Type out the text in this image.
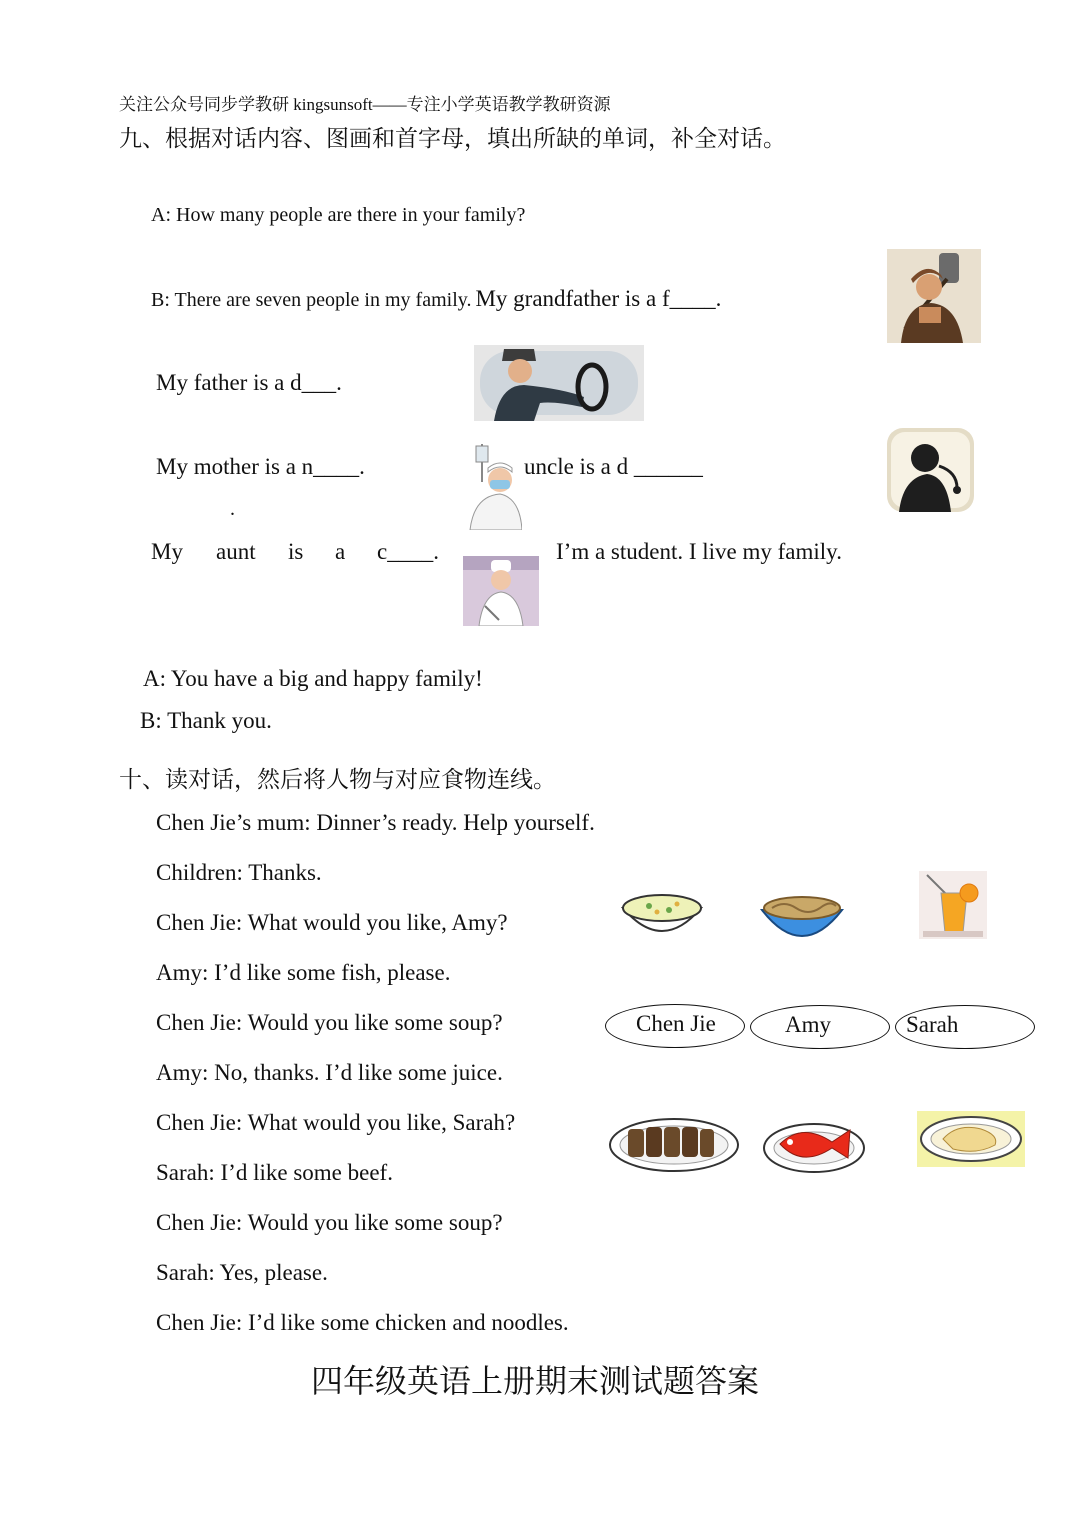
关注公众号同步学教研 kingsunsoft——专注小学英语教学教研资源
九、根据对话内容、图画和首字母，填出所缺的单词，补全对话。
A: How many people are there in your family?
B: There are seven people in my family. My grandfather is a f____.
My father is a d___.
My mother is a n____.	uncle is a d ______
.
My aunt is a c____.	I’m a student. I live my family.
A: You have a big and happy family!
B: Thank you.
十、读对话，然后将人物与对应食物连线。
Chen Jie’s mum: Dinner’s ready. Help yourself.
Children: Thanks.
Chen Jie: What would you like, Amy?
Amy: I’d like some fish, please.
Chen Jie: Would you like some soup?
Amy: No, thanks. I’d like some juice.
Chen Jie: What would you like, Sarah?
Sarah: I’d like some beef.
Chen Jie: Would you like some soup?
Sarah: Yes, please.
Chen Jie: I’d like some chicken and noodles.
Chen Jie	Amy	Sarah
四年级英语上册期末测试题答案
